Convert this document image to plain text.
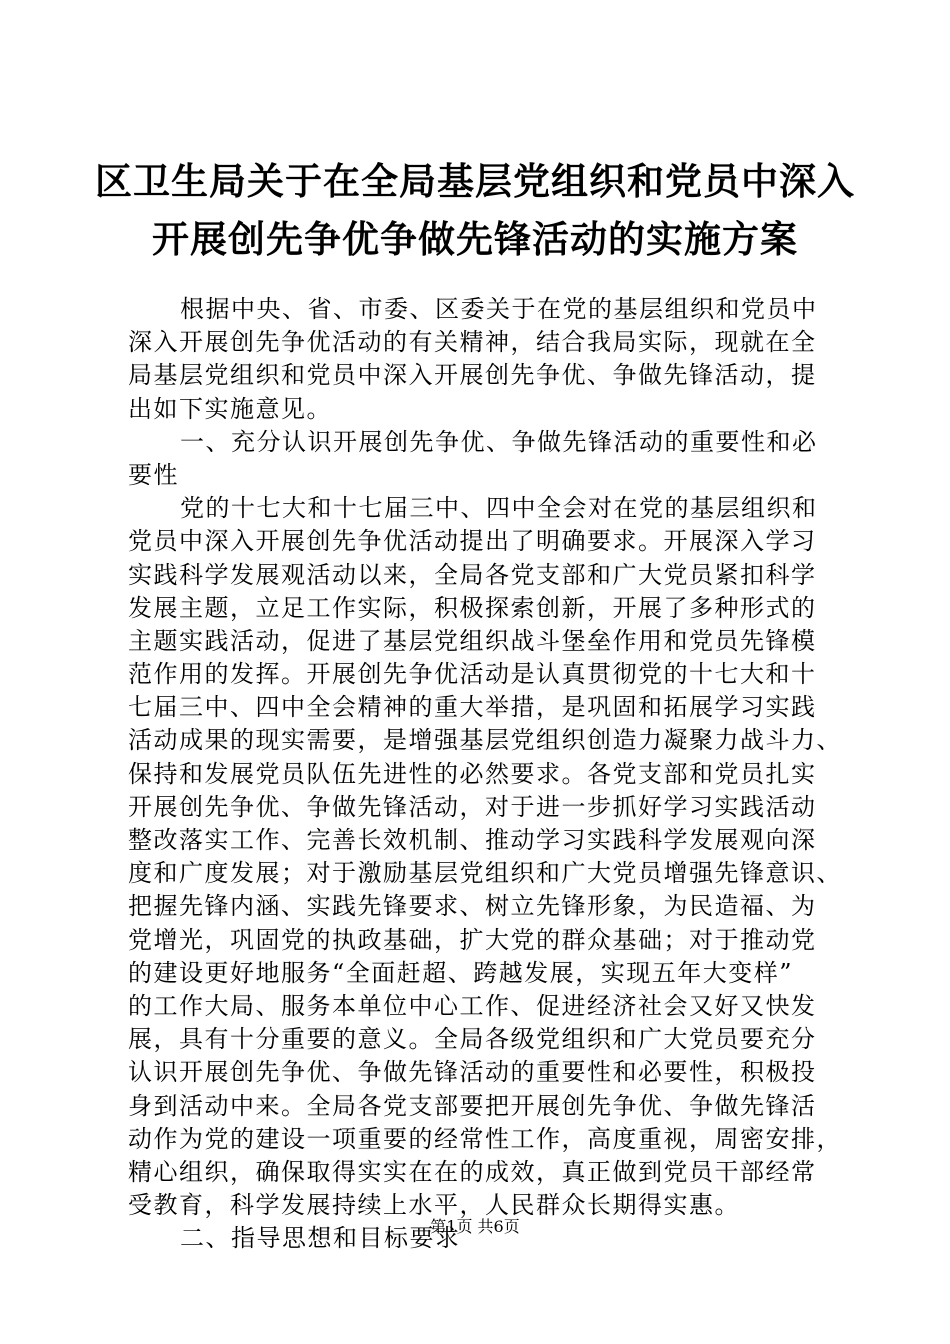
区卫生局关于在全局基层党组织和党员中深入
开展创先争优争做先锋活动的实施方案
根据中央、省、市委、区委关于在党的基层组织和党员中
深入开展创先争优活动的有关精神，结合我局实际，现就在全
局基层党组织和党员中深入开展创先争优、争做先锋活动，提
出如下实施意见。
一、充分认识开展创先争优、争做先锋活动的重要性和必
要性
党的十七大和十七届三中、四中全会对在党的基层组织和
党员中深入开展创先争优活动提出了明确要求。开展深入学习
实践科学发展观活动以来，全局各党支部和广大党员紧扣科学
发展主题，立足工作实际，积极探索创新，开展了多种形式的
主题实践活动，促进了基层党组织战斗堡垒作用和党员先锋模
范作用的发挥。开展创先争优活动是认真贯彻党的十七大和十
七届三中、四中全会精神的重大举措，是巩固和拓展学习实践
活动成果的现实需要，是增强基层党组织创造力凝聚力战斗力、
保持和发展党员队伍先进性的必然要求。各党支部和党员扎实
开展创先争优、争做先锋活动，对于进一步抓好学习实践活动
整改落实工作、完善长效机制、推动学习实践科学发展观向深
度和广度发展；对于激励基层党组织和广大党员增强先锋意识、
把握先锋内涵、实践先锋要求、树立先锋形象，为民造福、为
党增光，巩固党的执政基础，扩大党的群众基础；对于推动党
的建设更好地服务“全面赶超、跨越发展，实现五年大变样”
的工作大局、服务本单位中心工作、促进经济社会又好又快发
展，具有十分重要的意义。全局各级党组织和广大党员要充分
认识开展创先争优、争做先锋活动的重要性和必要性，积极投
身到活动中来。全局各党支部要把开展创先争优、争做先锋活
动作为党的建设一项重要的经常性工作，高度重视，周密安排，
精心组织，确保取得实实在在的成效，真正做到党员干部经常
受教育，科学发展持续上水平，人民群众长期得实惠。
二、指导思想和目标要求
第1页 共6页
